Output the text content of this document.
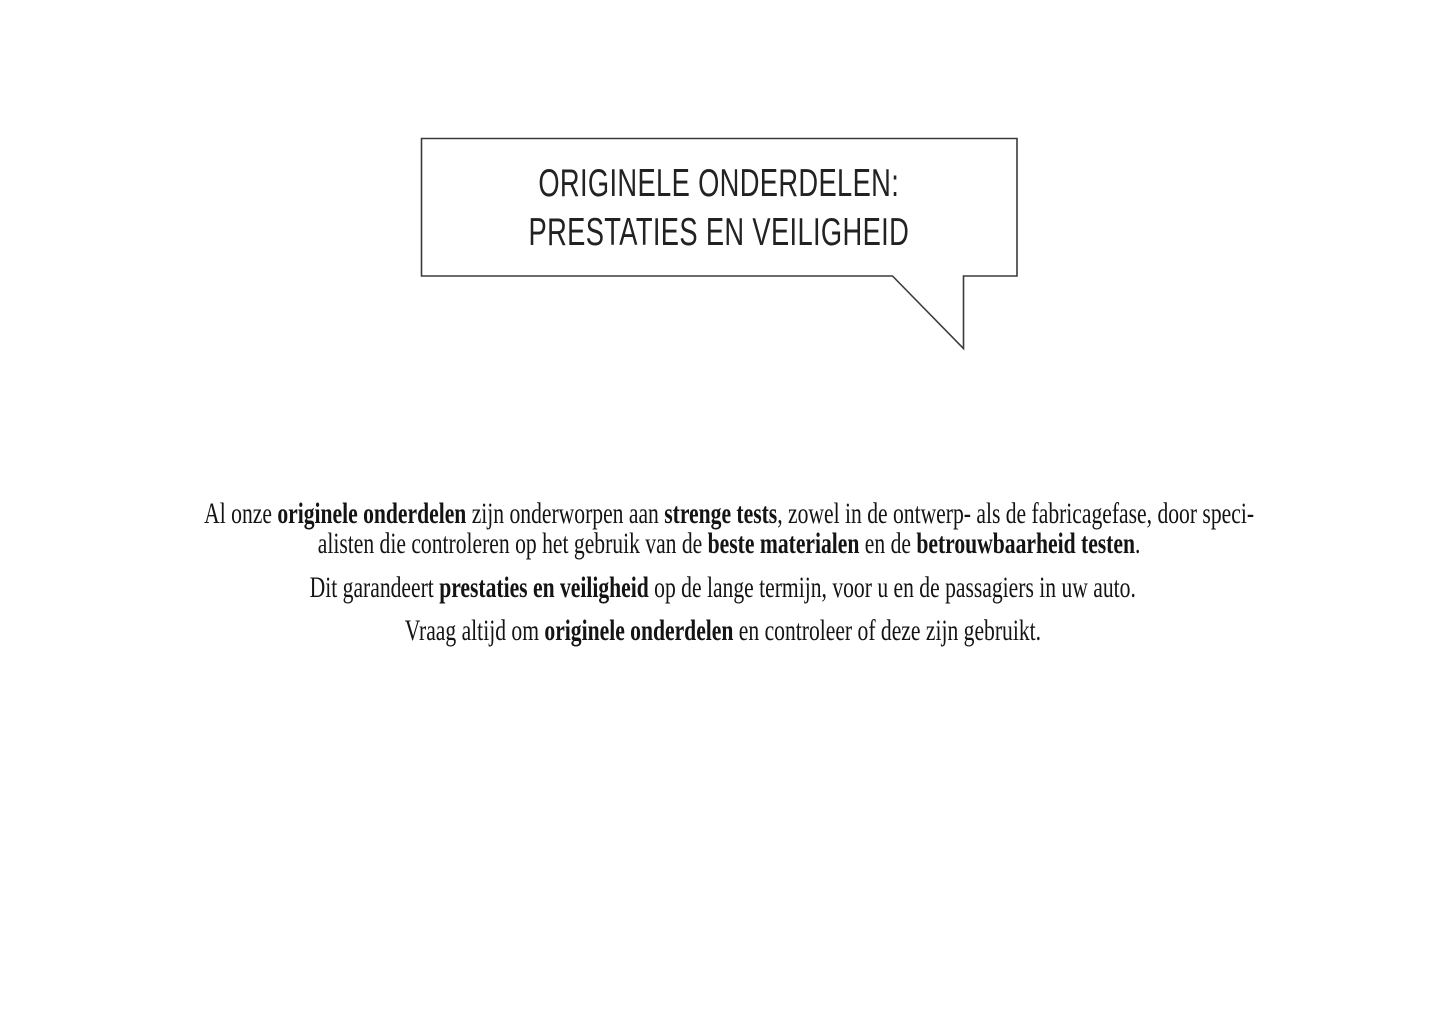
ORIGINELE ONDERDELEN:
PRESTATIES EN VEILIGHEID

Al onze originele onderdelen zijn onderworpen aan strenge tests, zowel in de ontwerp- als de fabricagefase, door speci-
alisten die controleren op het gebruik van de beste materialen en de betrouwbaarheid testen.

Dit garandeert prestaties en veiligheid op de lange termijn, voor u en de passagiers in uw auto.

Vraag altijd om originele onderdelen en controleer of deze zijn gebruikt.
